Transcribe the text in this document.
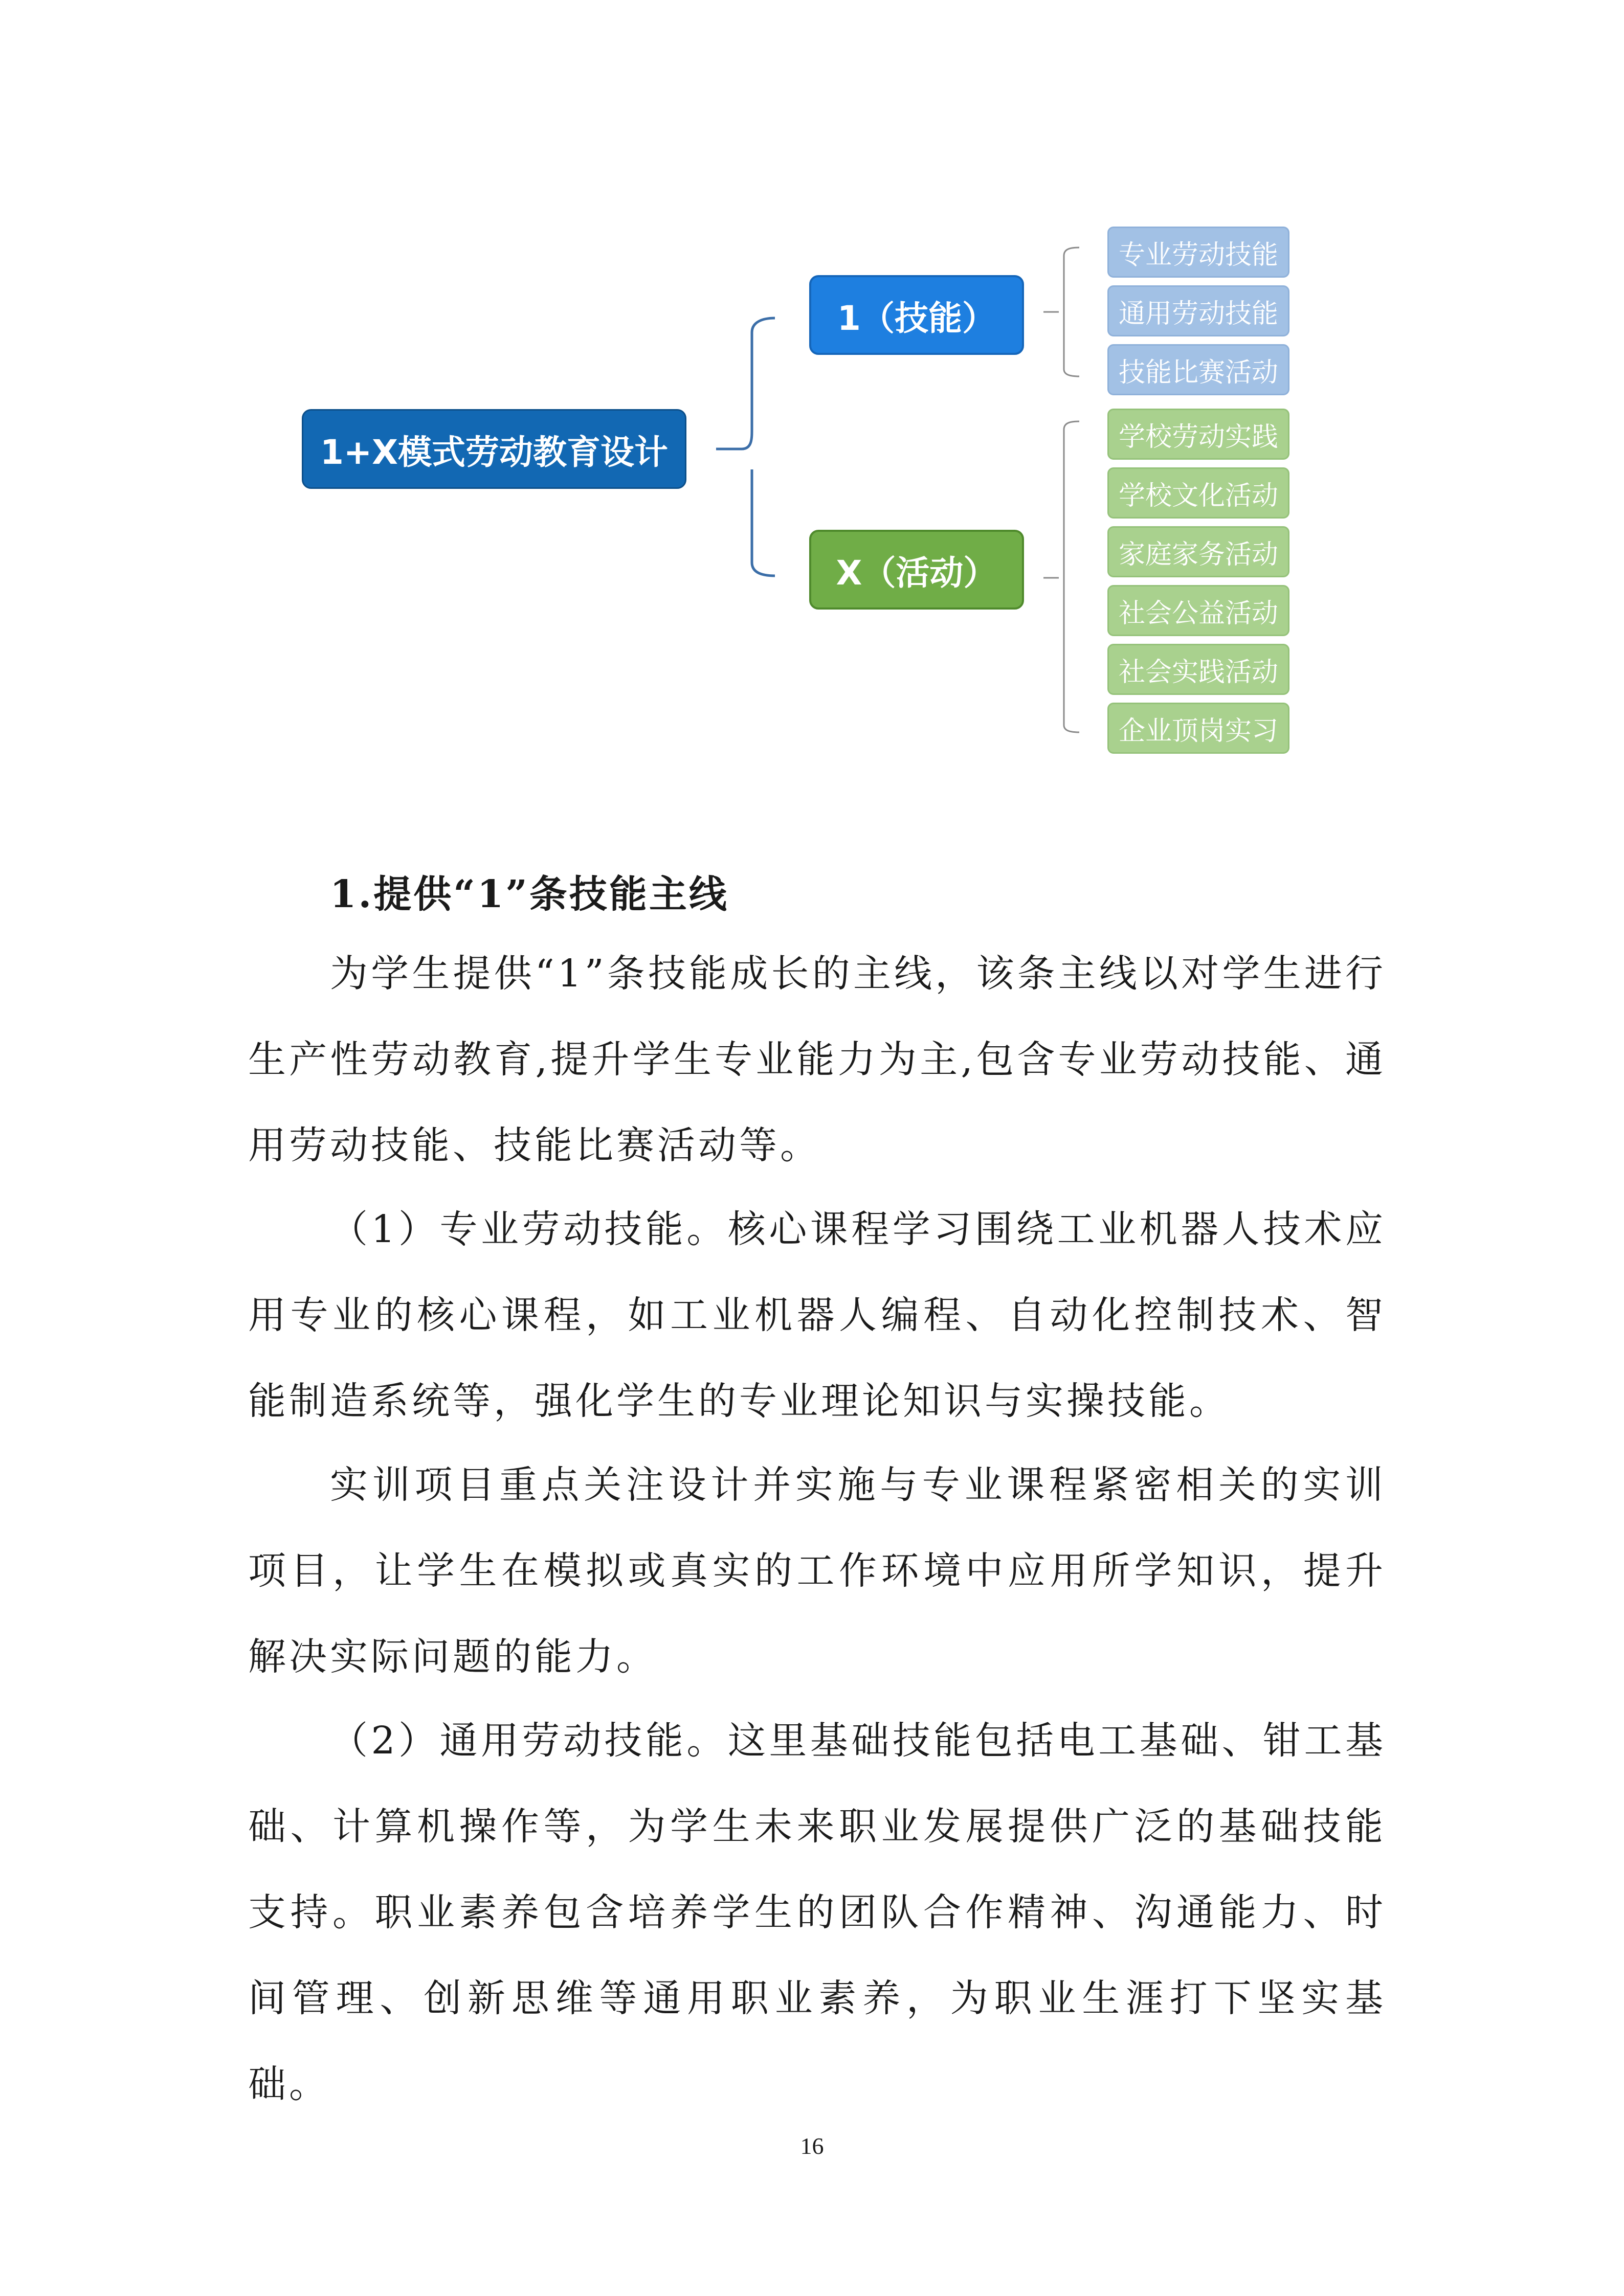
1+X模式劳动教育设计
1（技能）
X（活动）
专业劳动技能
通用劳动技能
技能比赛活动
学校劳动实践
学校文化活动
家庭家务活动
社会公益活动
社会实践活动
企业顶岗实习
1.提供“1”条技能主线

为学生提供“1”条技能成长的主线，该条主线以对学生进行生产性劳动教育,提升学生专业能力为主,包含专业劳动技能、通用劳动技能、技能比赛活动等。

（1）专业劳动技能。核心课程学习围绕工业机器人技术应用专业的核心课程，如工业机器人编程、自动化控制技术、智能制造系统等，强化学生的专业理论知识与实操技能。

实训项目重点关注设计并实施与专业课程紧密相关的实训项目，让学生在模拟或真实的工作环境中应用所学知识，提升解决实际问题的能力。

（2）通用劳动技能。这里基础技能包括电工基础、钳工基础、计算机操作等，为学生未来职业发展提供广泛的基础技能支持。职业素养包含培养学生的团队合作精神、沟通能力、时间管理、创新思维等通用职业素养，为职业生涯打下坚实基础。

16
